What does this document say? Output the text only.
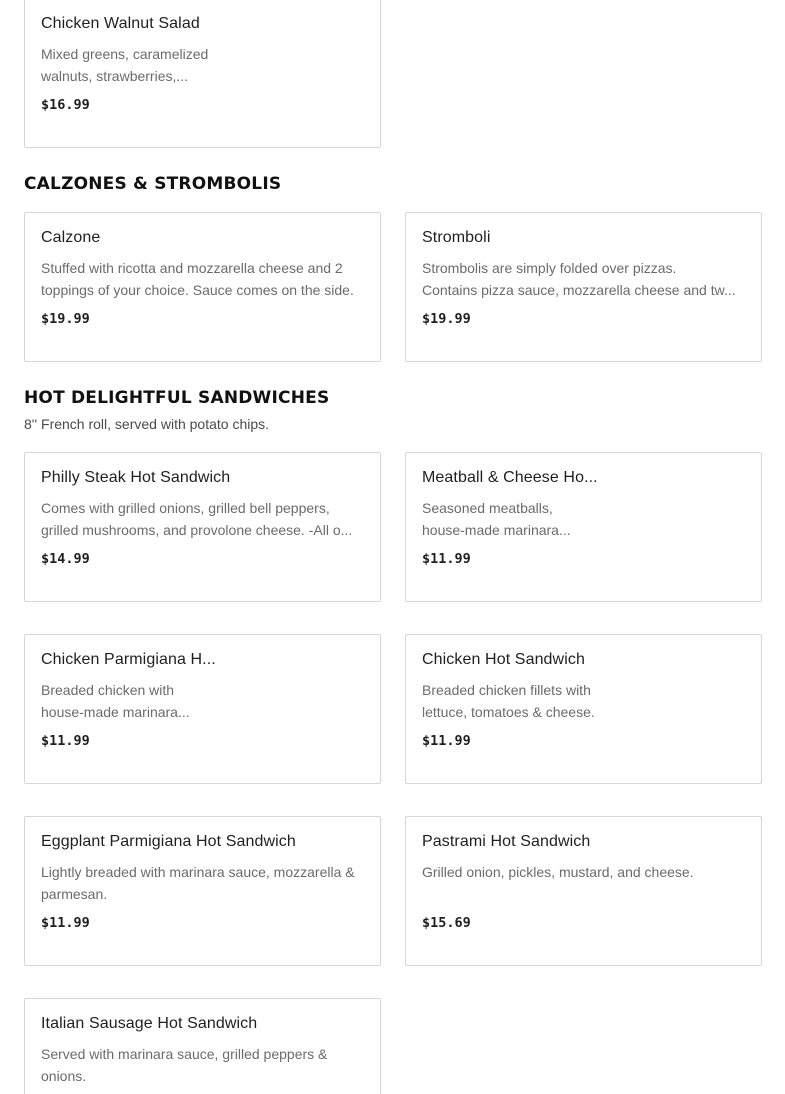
Chicken Walnut Salad
Mixed greens, caramelized
walnuts, strawberries,...
$16.99
CALZONES & STROMBOLIS
Calzone
Stuffed with ricotta and mozzarella cheese and 2
toppings of your choice. Sauce comes on the side.
$19.99
Stromboli
Strombolis are simply folded over pizzas.
Contains pizza sauce, mozzarella cheese and tw...
$19.99
HOT DELIGHTFUL SANDWICHES
8'' French roll, served with potato chips.
Philly Steak Hot Sandwich
Comes with grilled onions, grilled bell peppers,
grilled mushrooms, and provolone cheese. -All o...
$14.99
Meatball & Cheese Ho...
Seasoned meatballs,
house-made marinara...
$11.99
Chicken Parmigiana H...
Breaded chicken with
house-made marinara...
$11.99
Chicken Hot Sandwich
Breaded chicken fillets with
lettuce, tomatoes & cheese.
$11.99
Eggplant Parmigiana Hot Sandwich
Lightly breaded with marinara sauce, mozzarella &
parmesan.
$11.99
Pastrami Hot Sandwich
Grilled onion, pickles, mustard, and cheese.
$15.69
Italian Sausage Hot Sandwich
Served with marinara sauce, grilled peppers &
onions.
